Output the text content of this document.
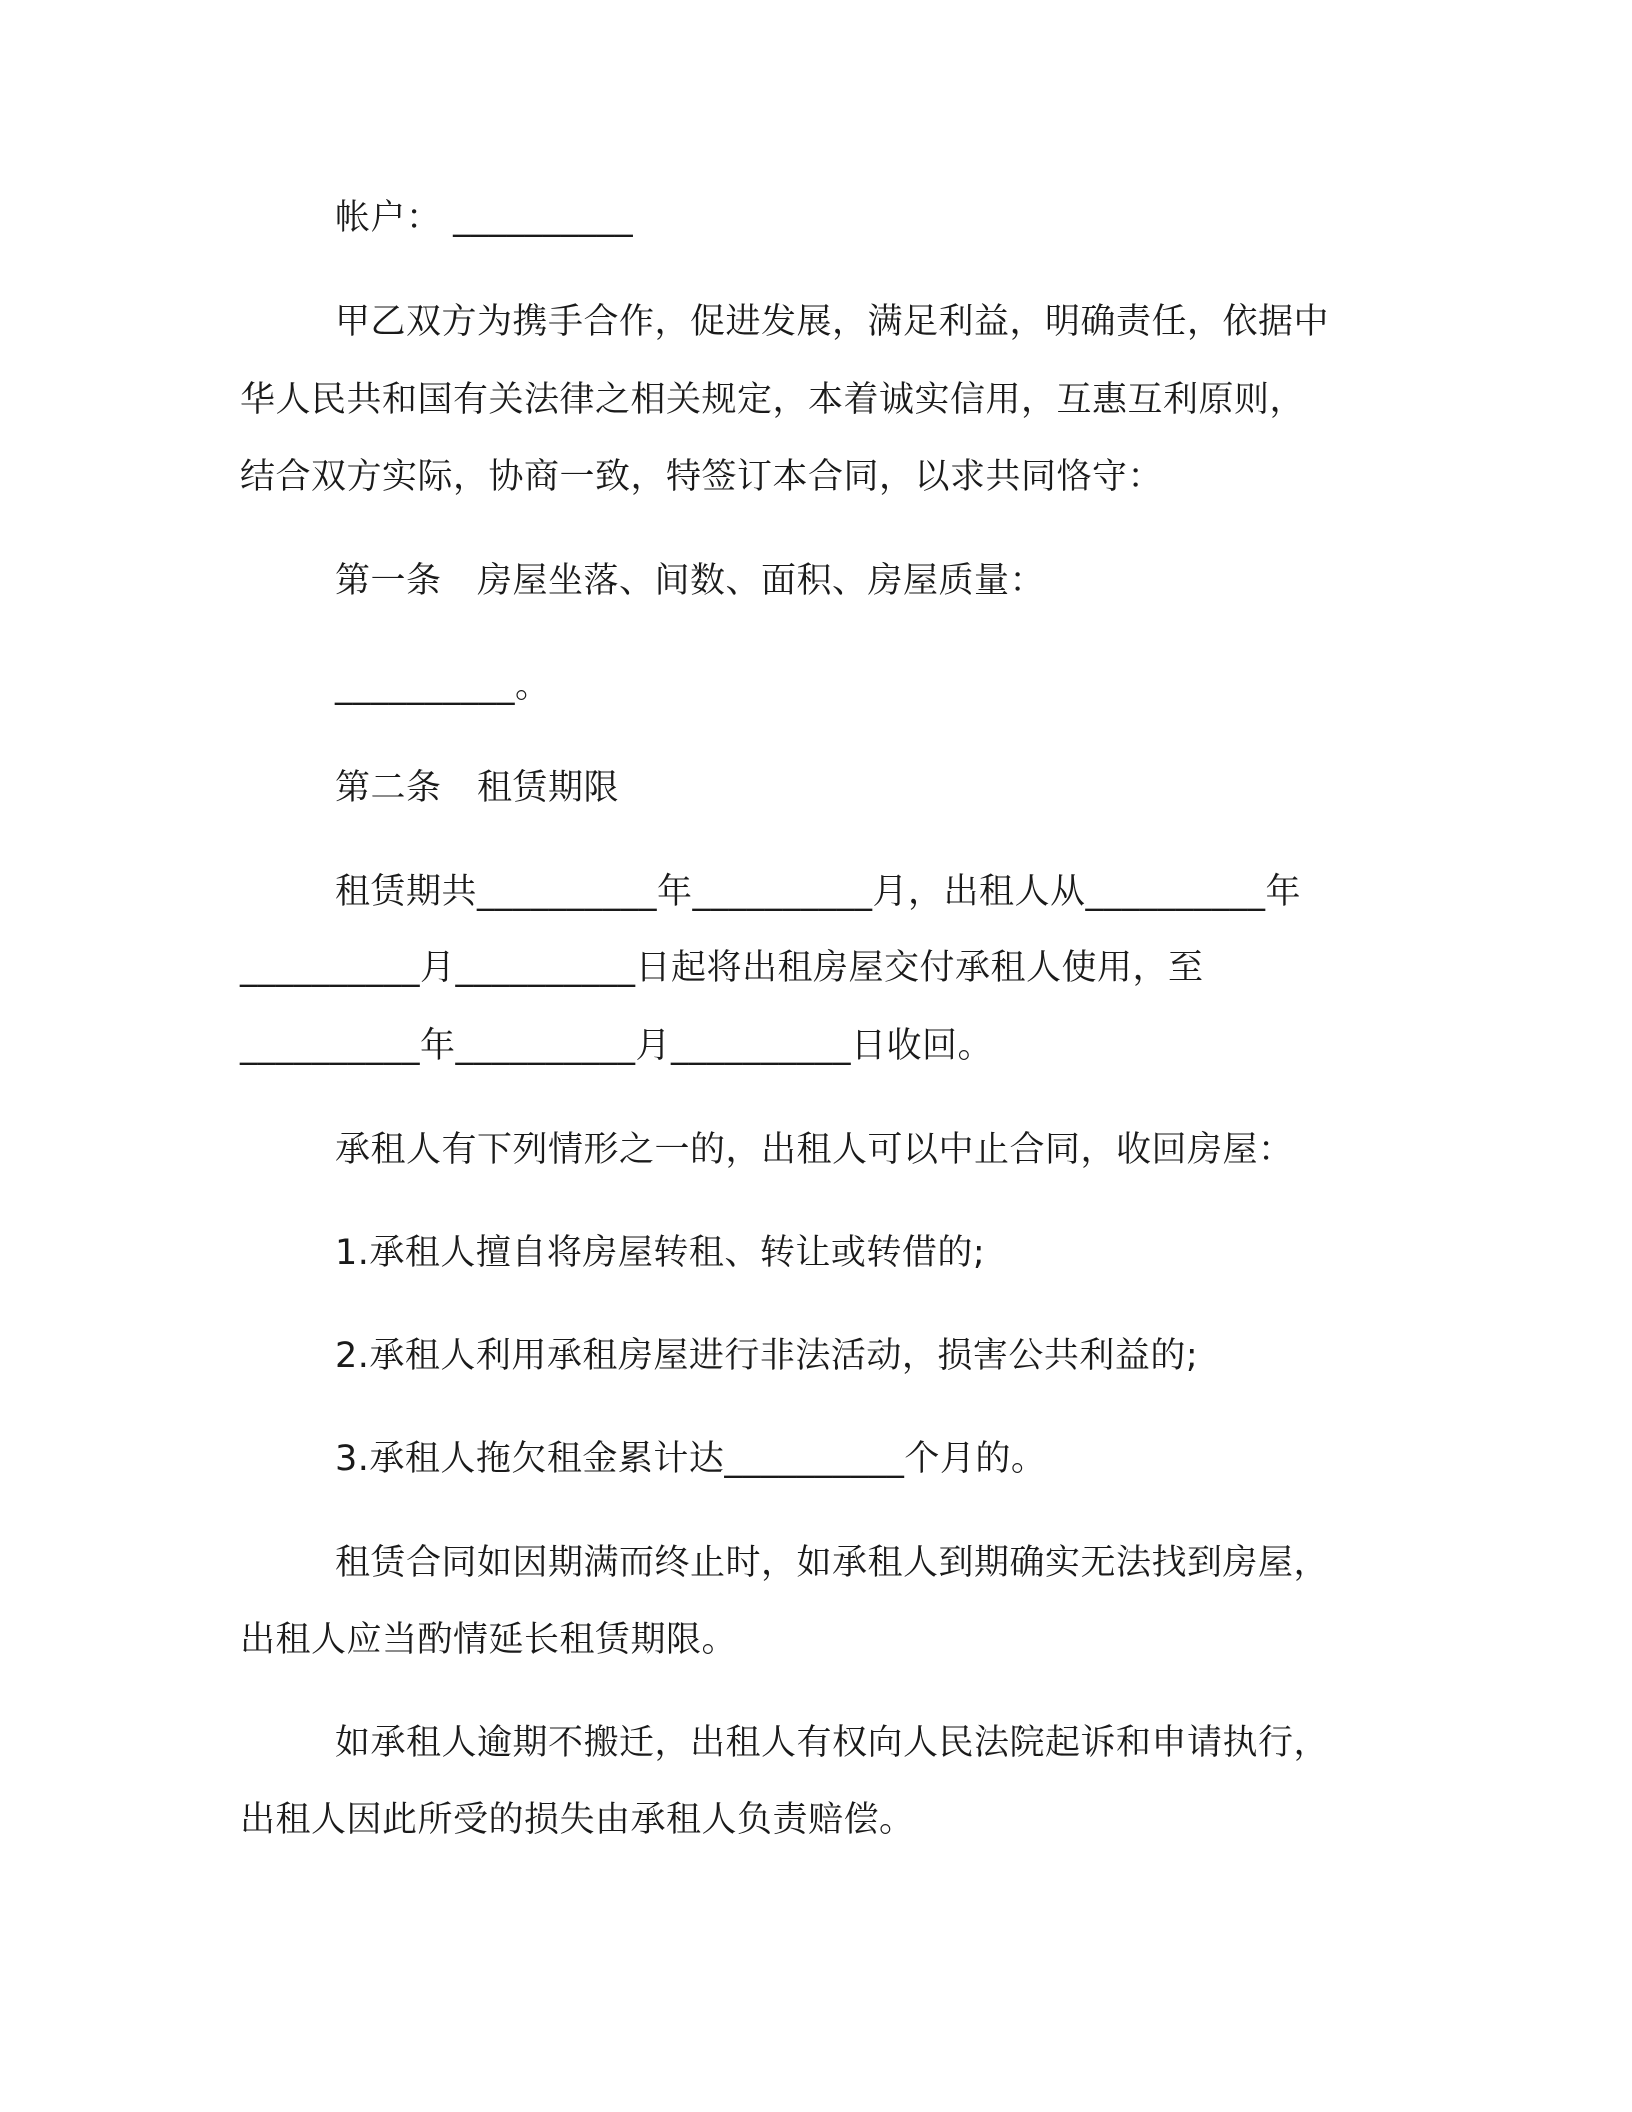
帐户： __________
甲乙双方为携手合作，促进发展，满足利益，明确责任，依据中
华人民共和国有关法律之相关规定，本着诚实信用，互惠互利原则，
结合双方实际，协商一致，特签订本合同，以求共同恪守：
第一条　房屋坐落、间数、面积、房屋质量：
__________。
第二条　租赁期限
租赁期共__________年__________月，出租人从__________年
__________月__________日起将出租房屋交付承租人使用，至
__________年__________月__________日收回。
承租人有下列情形之一的，出租人可以中止合同，收回房屋：
1.承租人擅自将房屋转租、转让或转借的;
2.承租人利用承租房屋进行非法活动，损害公共利益的;
3.承租人拖欠租金累计达__________个月的。
租赁合同如因期满而终止时，如承租人到期确实无法找到房屋，
出租人应当酌情延长租赁期限。
如承租人逾期不搬迁，出租人有权向人民法院起诉和申请执行，
出租人因此所受的损失由承租人负责赔偿。
